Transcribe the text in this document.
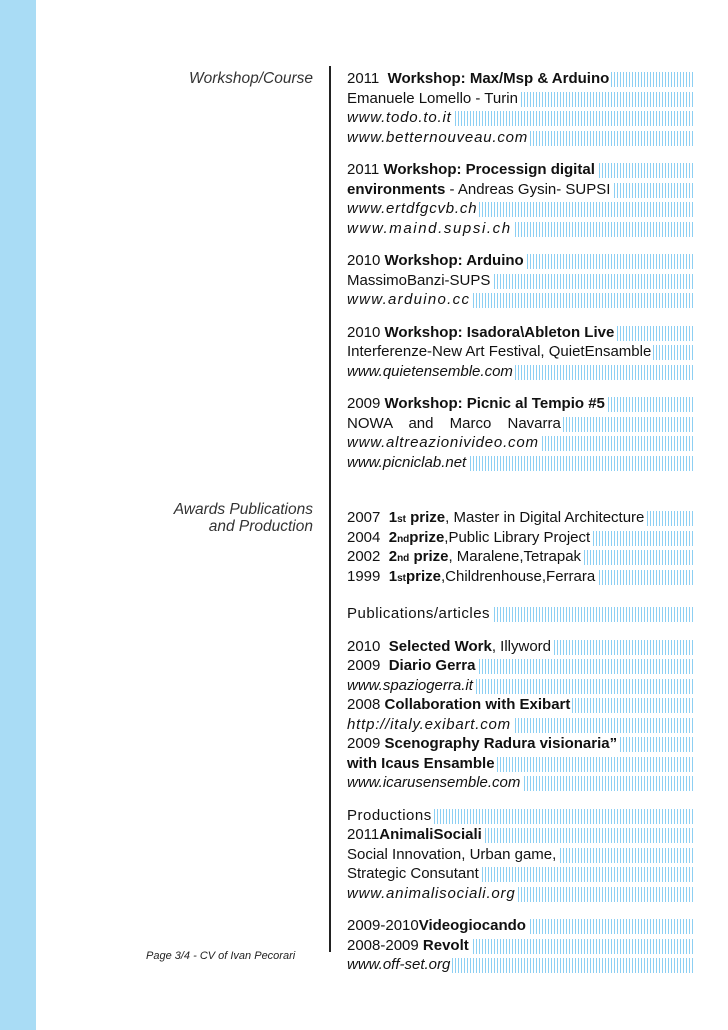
Workshop/Course
Awards Publications
and Production
2011 Workshop: Max/Msp & Arduino
Emanuele Lomello - Turin
www.todo.to.it
www.betternouveau.com
2011 Workshop: Processign digital
environments - Andreas Gysin- SUPSI
www.ertdfgcvb.ch
www.maind.supsi.ch
2010 Workshop: Arduino
MassimoBanzi-SUPS
www.arduino.cc
2010 Workshop: Isadora\Ableton Live
Interferenze-New Art Festival, QuietEnsamble
www.quietensemble.com
2009 Workshop: Picnic al Tempio #5
NOWA and Marco Navarra
www.altreazionivideo.com
www.picniclab.net
2007 1st prize, Master in Digital Architecture
2004 2ndprize,Public Library Project
2002 2nd prize, Maralene,Tetrapak
1999 1stprize,Childrenhouse,Ferrara
Publications/articles
2010 Selected Work, Illyword
2009 Diario Gerra
www.spaziogerra.it
2008 Collaboration with Exibart
http://italy.exibart.com
2009 Scenography Radura visionaria”
with Icaus Ensamble
www.icarusensemble.com
Productions
2011AnimaliSociali
Social Innovation, Urban game,
Strategic Consutant
www.animalisociali.org
2009-2010Videogiocando
2008-2009 Revolt
www.off-set.org
Page 3/4 - CV of Ivan Pecorari
